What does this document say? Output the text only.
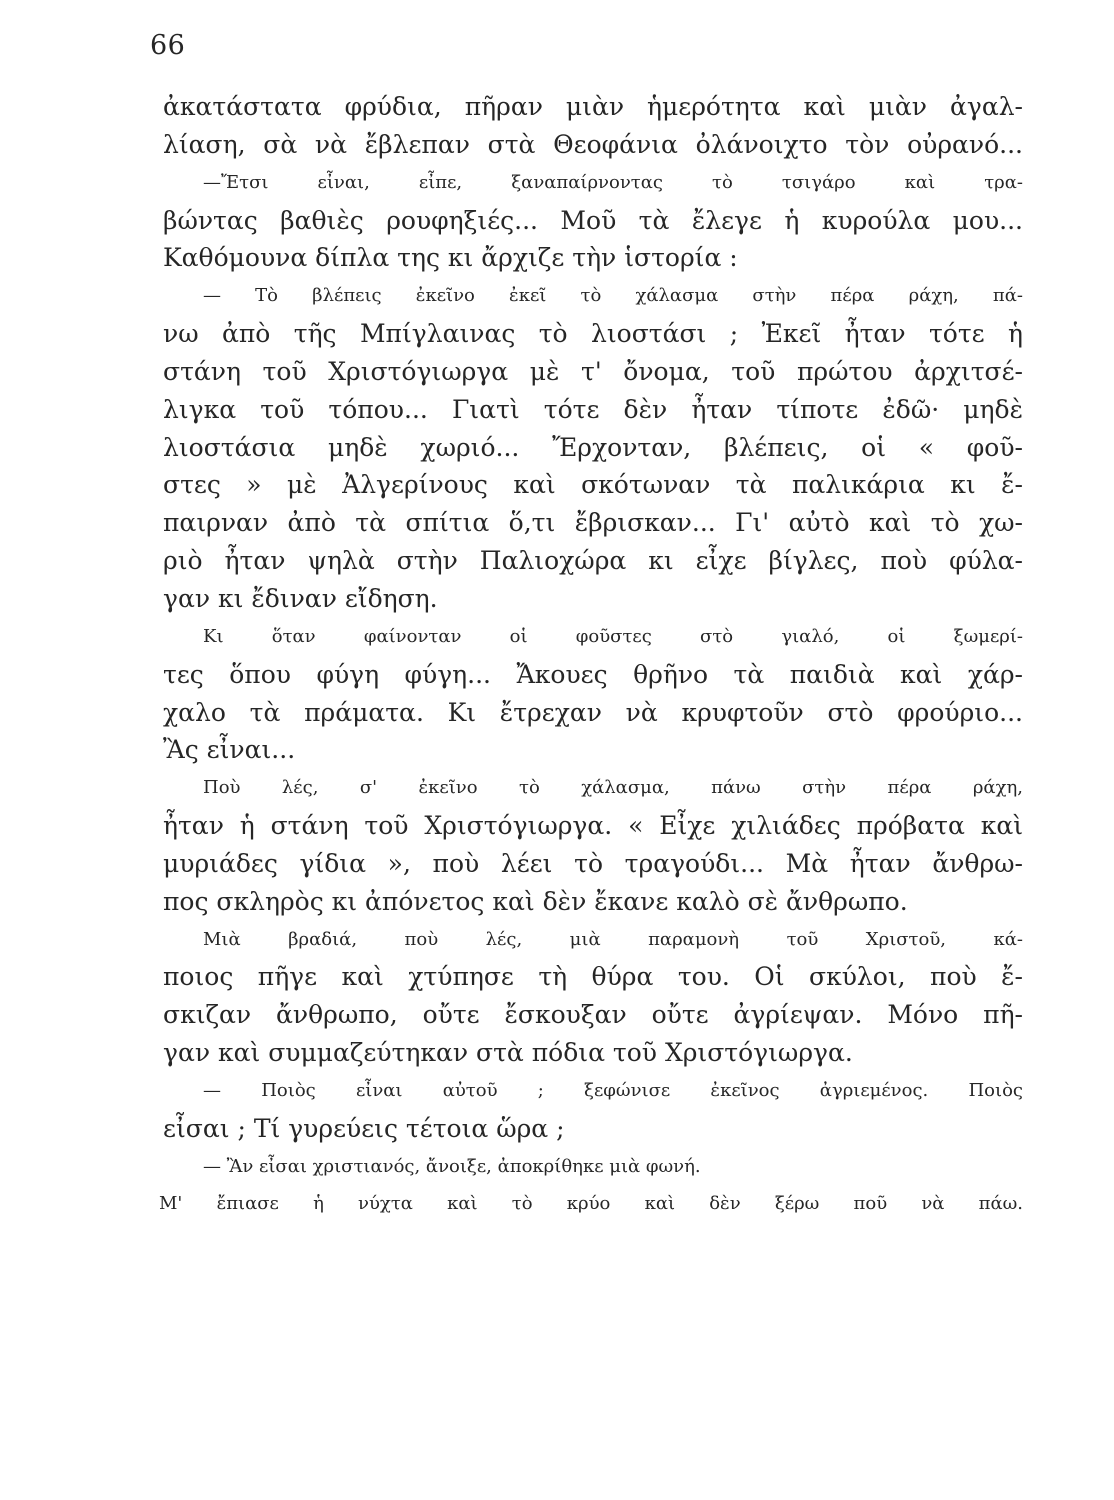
66
ἀκατάστατα φρύδια, πῆραν μιὰν ἡμερότητα καὶ μιὰν ἀγαλ-
λίαση, σὰ νὰ ἔβλεπαν στὰ Θεοφάνια ὀλάνοιχτο τὸν οὐρανό...
—Ἔτσι εἶναι, εἶπε, ξαναπαίρνοντας τὸ τσιγάρο καὶ τρα-
βώντας βαθιὲς ρουφηξιές... Μοῦ τὰ ἔλεγε ἡ κυρούλα μου...
Καθόμουνα δίπλα της κι ἄρχιζε τὴν ἱστορία :
— Τὸ βλέπεις ἐκεῖνο ἐκεῖ τὸ χάλασμα στὴν πέρα ράχη, πά-
νω ἀπὸ τῆς Μπίγλαινας τὸ λιοστάσι ; Ἐκεῖ ἦταν τότε ἡ
στάνη τοῦ Χριστόγιωργα μὲ τ' ὄνομα, τοῦ πρώτου ἀρχιτσέ-
λιγκα τοῦ τόπου... Γιατὶ τότε δὲν ἦταν τίποτε ἐδῶ· μηδὲ
λιοστάσια μηδὲ χωριό... Ἔρχονταν, βλέπεις, οἱ « φοῦ-
στες » μὲ Ἀλγερίνους καὶ σκότωναν τὰ παλικάρια κι ἔ-
παιρναν ἀπὸ τὰ σπίτια ὅ,τι ἔβρισκαν... Γι' αὐτὸ καὶ τὸ χω-
ριὸ ἦταν ψηλὰ στὴν Παλιοχώρα κι εἶχε βίγλες, ποὺ φύλα-
γαν κι ἔδιναν εἴδηση.
Κι ὅταν φαίνονταν οἱ φοῦστες στὸ γιαλό, οἱ ξωμερί-
τες ὅπου φύγη φύγη... Ἄκουες θρῆνο τὰ παιδιὰ καὶ χάρ-
χαλο τὰ πράματα. Κι ἔτρεχαν νὰ κρυφτοῦν στὸ φρούριο...
Ἂς εἶναι...
Ποὺ λές, σ' ἐκεῖνο τὸ χάλασμα, πάνω στὴν πέρα ράχη,
ἦταν ἡ στάνη τοῦ Χριστόγιωργα. « Εἶχε χιλιάδες πρόβατα καὶ
μυριάδες γίδια », ποὺ λέει τὸ τραγούδι... Μὰ ἦταν ἄνθρω-
πος σκληρὸς κι ἀπόνετος καὶ δὲν ἔκανε καλὸ σὲ ἄνθρωπο.
Μιὰ βραδιά, ποὺ λές, μιὰ παραμονὴ τοῦ Χριστοῦ, κά-
ποιος πῆγε καὶ χτύπησε τὴ θύρα του. Οἱ σκύλοι, ποὺ ἔ-
σκιζαν ἄνθρωπο, οὔτε ἔσκουξαν οὔτε ἀγρίεψαν. Μόνο πῆ-
γαν καὶ συμμαζεύτηκαν στὰ πόδια τοῦ Χριστόγιωργα.
— Ποιὸς εἶναι αὐτοῦ ; ξεφώνισε ἐκεῖνος ἀγριεμένος. Ποιὸς
εἶσαι ; Τί γυρεύεις τέτοια ὥρα ;
— Ἂν εἶσαι χριστιανός, ἄνοιξε, ἀποκρίθηκε μιὰ φωνή.
Μ' ἔπιασε ἡ νύχτα καὶ τὸ κρύο καὶ δὲν ξέρω ποῦ νὰ πάω.
